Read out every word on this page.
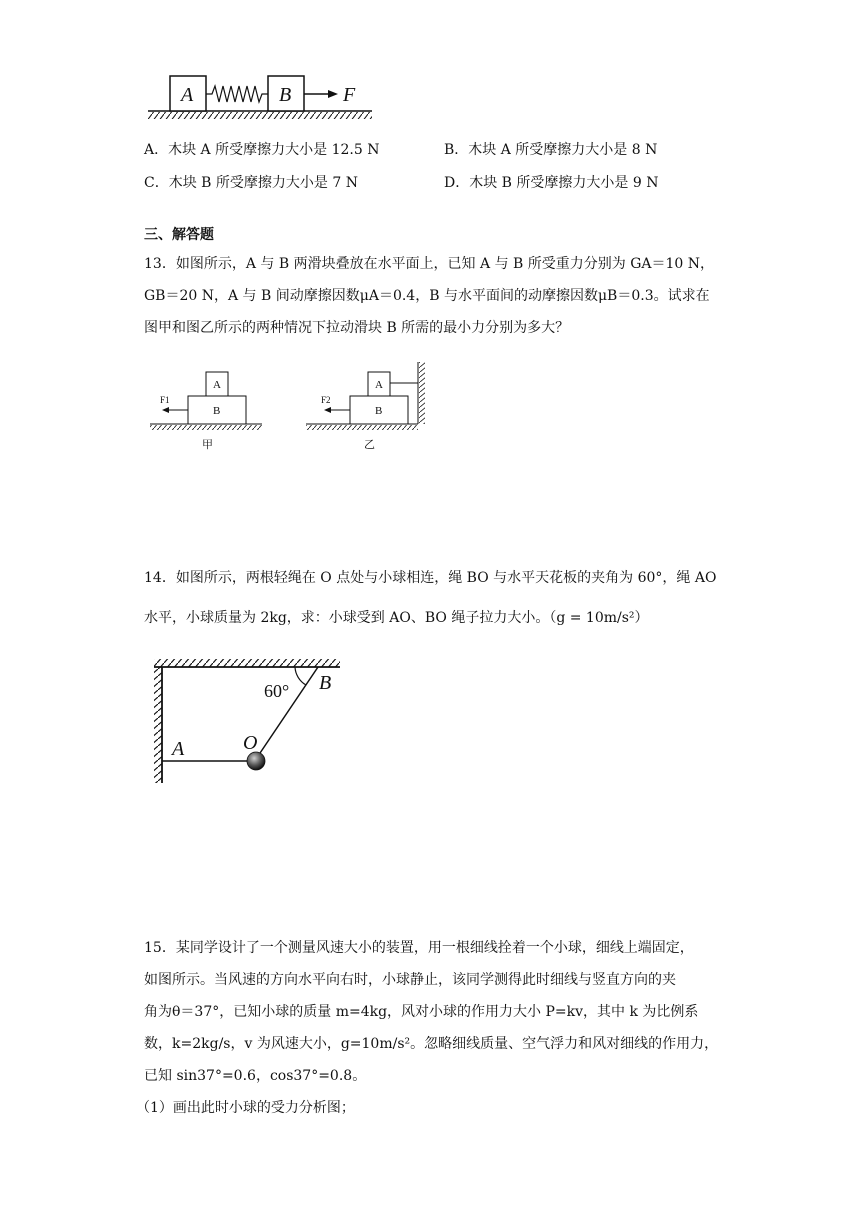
A	B	F
A．木块 A 所受摩擦力大小是 12.5 N	B．木块 A 所受摩擦力大小是 8 N
C．木块 B 所受摩擦力大小是 7 N	D．木块 B 所受摩擦力大小是 9 N
三、解答题
13．如图所示，A 与 B 两滑块叠放在水平面上，已知 A 与 B 所受重力分别为 GA＝10 N，
GB＝20 N，A 与 B 间动摩擦因数μA＝0.4，B 与水平面间的动摩擦因数μB＝0.3。试求在
图甲和图乙所示的两种情况下拉动滑块 B 所需的最小力分别为多大？
A
B
F1
甲
A
B
F2
乙
14．如图所示，两根轻绳在 O 点处与小球相连，绳 BO 与水平天花板的夹角为 60°，绳 AO
水平，小球质量为 2kg，求：小球受到 AO、BO 绳子拉力大小。（g = 10m/s²）
60° B
O
A
15．某同学设计了一个测量风速大小的装置，用一根细线拴着一个小球，细线上端固定，
如图所示。当风速的方向水平向右时，小球静止，该同学测得此时细线与竖直方向的夹
角为θ＝37°，已知小球的质量 m=4kg，风对小球的作用力大小 P=kv，其中 k 为比例系
数，k=2kg/s，v 为风速大小，g=10m/s²。忽略细线质量、空气浮力和风对细线的作用力，
已知 sin37°=0.6，cos37°=0.8。
（1）画出此时小球的受力分析图；
